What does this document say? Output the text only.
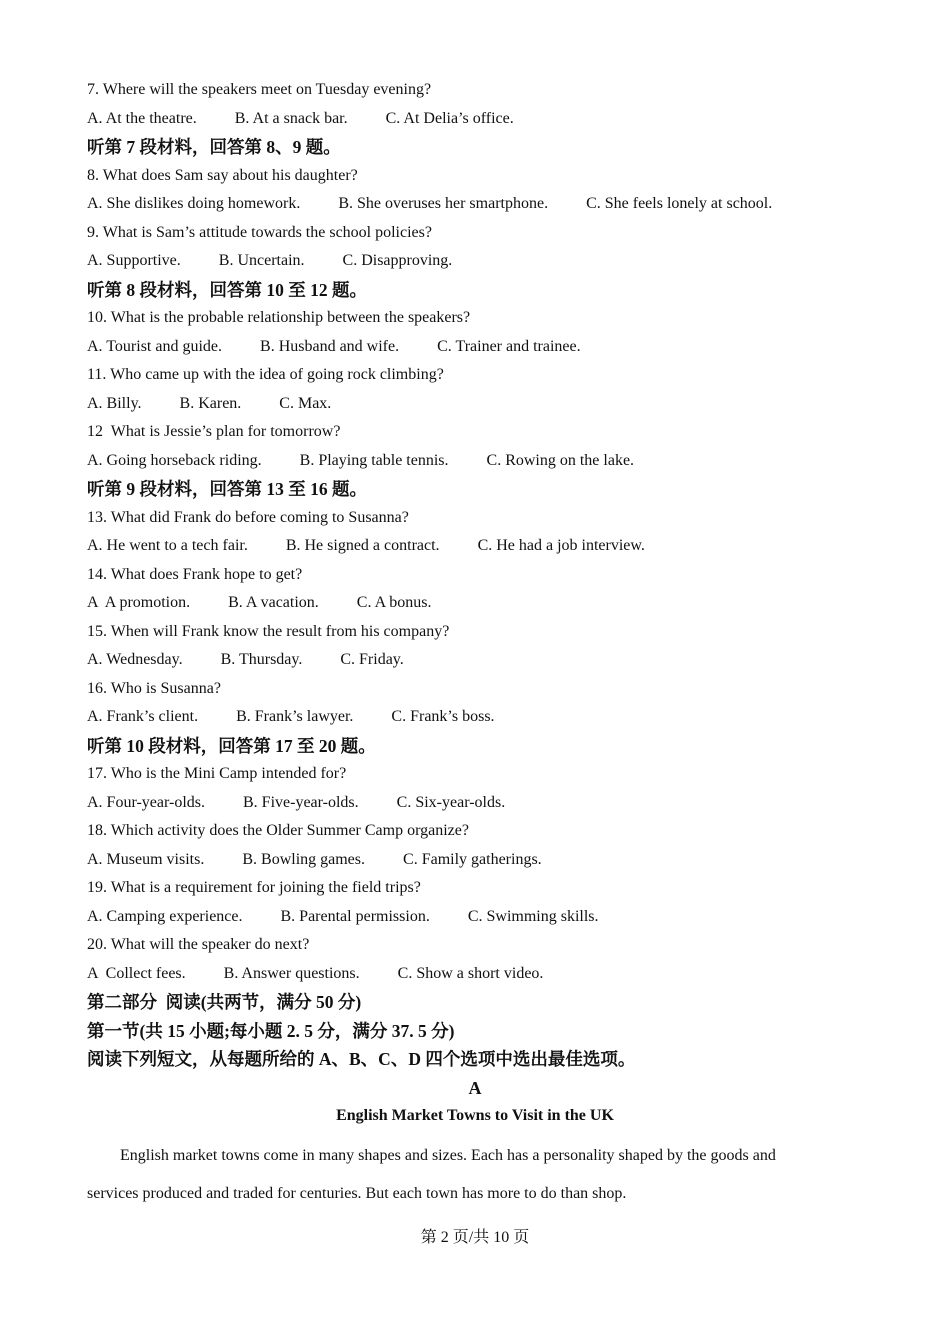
7. Where will the speakers meet on Tuesday evening?
A. At the theatre. B. At a snack bar. C. At Delia’s office.
听第 7 段材料，回答第 8、9 题。
8. What does Sam say about his daughter?
A. She dislikes doing homework. B. She overuses her smartphone. C. She feels lonely at school.
9. What is Sam’s attitude towards the school policies?
A. Supportive. B. Uncertain. C. Disapproving.
听第 8 段材料，回答第 10 至 12 题。
10. What is the probable relationship between the speakers?
A. Tourist and guide. B. Husband and wife. C. Trainer and trainee.
11. Who came up with the idea of going rock climbing?
A. Billy. B. Karen. C. Max.
12  What is Jessie’s plan for tomorrow?
A. Going horseback riding. B. Playing table tennis. C. Rowing on the lake.
听第 9 段材料，回答第 13 至 16 题。
13. What did Frank do before coming to Susanna?
A. He went to a tech fair. B. He signed a contract. C. He had a job interview.
14. What does Frank hope to get?
A  A promotion. B. A vacation. C. A bonus.
15. When will Frank know the result from his company?
A. Wednesday. B. Thursday. C. Friday.
16. Who is Susanna?
A. Frank’s client. B. Frank’s lawyer. C. Frank’s boss.
听第 10 段材料，回答第 17 至 20 题。
17. Who is the Mini Camp intended for?
A. Four-year-olds. B. Five-year-olds. C. Six-year-olds.
18. Which activity does the Older Summer Camp organize?
A. Museum visits. B. Bowling games. C. Family gatherings.
19. What is a requirement for joining the field trips?
A. Camping experience. B. Parental permission. C. Swimming skills.
20. What will the speaker do next?
A  Collect fees. B. Answer questions. C. Show a short video.
第二部分  阅读(共两节，满分 50 分)
第一节(共 15 小题;每小题 2. 5 分，满分 37. 5 分)
阅读下列短文，从每题所给的 A、B、C、D 四个选项中选出最佳选项。
A
English Market Towns to Visit in the UK
English market towns come in many shapes and sizes. Each has a personality shaped by the goods and services produced and traded for centuries. But each town has more to do than shop.
第 2 页/共 10 页
